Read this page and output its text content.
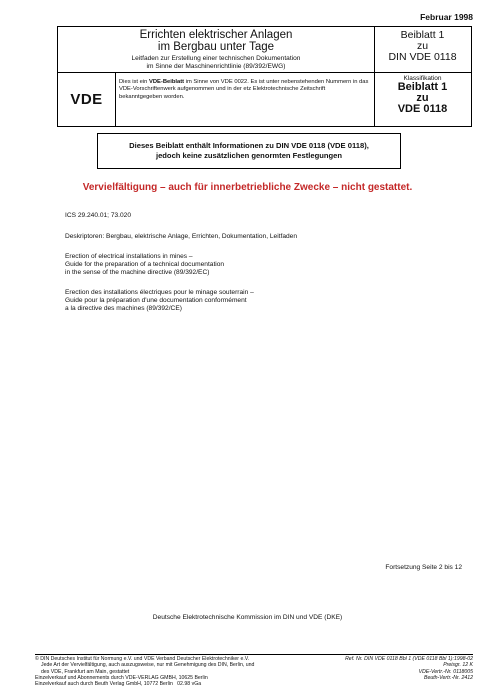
Februar 1998
Errichten elektrischer Anlagen
im Bergbau unter Tage
Leitfaden zur Erstellung einer technischen Dokumentation
im Sinne der Maschinenrichtlinie (89/392/EWG)
Beiblatt 1
zu
DIN VDE 0118
VDE
Dies ist ein VDE-Beiblatt im Sinne von VDE 0022. Es ist unter nebenstehenden Nummern in das VDE-Vorschriftenwerk aufgenommen und in der etz Elektrotechnische Zeitschrift bekanntgegeben worden.
Klassifikation
Beiblatt 1
zu
VDE 0118
Dieses Beiblatt enthält Informationen zu DIN VDE 0118 (VDE 0118),
jedoch keine zusätzlichen genormten Festlegungen
Vervielfältigung – auch für innerbetriebliche Zwecke – nicht gestattet.
ICS 29.240.01; 73.020
Deskriptoren: Bergbau, elektrische Anlage, Errichten, Dokumentation, Leitfaden
Erection of electrical installations in mines –
Guide for the preparation of a technical documentation
in the sense of the machine directive (89/392/EC)
Erection des installations électriques pour le minage souterrain –
Guide pour la préparation d'une documentation conformément
a la directive des machines (89/392/CE)
Fortsetzung Seite 2 bis 12
Deutsche Elektrotechnische Kommission im DIN und VDE (DKE)
© DIN Deutsches Institut für Normung e.V. und VDE Verband Deutscher Elektrotechniker e.V.
Jede Art der Vervielfältigung, auch auszugsweise, nur mit Genehmigung des DIN, Berlin, und
des VDE, Frankfurt am Main, gestattet
Einzelverkauf und Abonnements durch VDE-VERLAG GMBH, 10625 Berlin
Einzelverkauf auch durch Beuth Verlag GmbH, 10772 Berlin 02.98 vGa
Ref. Nr. DIN VDE 0118 Bbl 1 (VDE 0118 Bbl 1):1998-02
Preisgr. 12 K
VDE-Vertr.-Nr. 0118005
Beuth-Vertr.-Nr. 2412
